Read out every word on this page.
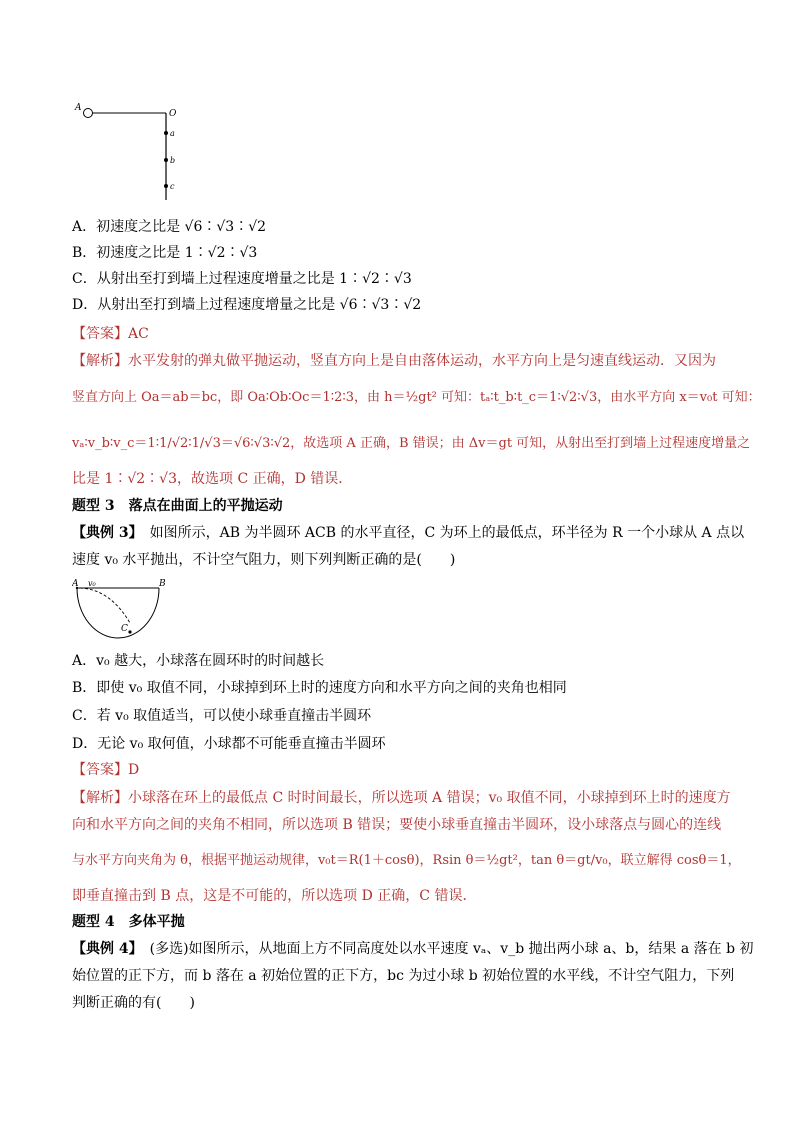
A
O
a
b
c
A．初速度之比是 √6∶√3∶√2
B．初速度之比是 1∶√2∶√3
C．从射出至打到墙上过程速度增量之比是 1∶√2∶√3
D．从射出至打到墙上过程速度增量之比是 √6∶√3∶√2
【答案】AC
【解析】水平发射的弹丸做平抛运动，竖直方向上是自由落体运动，水平方向上是匀速直线运动．又因为
竖直方向上 Oa＝ab＝bc，即 Oa∶Ob∶Oc＝1∶2∶3，由 h＝½gt² 可知：tₐ∶t_b∶t_c＝1∶√2∶√3，由水平方向 x＝v₀t 可知：
vₐ∶v_b∶v_c＝1∶1/√2∶1/√3＝√6∶√3∶√2，故选项 A 正确，B 错误；由 Δv＝gt 可知，从射出至打到墙上过程速度增量之
比是 1∶√2∶√3，故选项 C 正确，D 错误．
题型 3　落点在曲面上的平抛运动
【典例 3】　 如图所示，AB 为半圆环 ACB 的水平直径，C 为环上的最低点，环半径为 R 一个小球从 A 点以
速度 v₀ 水平抛出，不计空气阻力，则下列判断正确的是(　　)
A	B
C
v₀
A．v₀ 越大，小球落在圆环时的时间越长
B．即使 v₀ 取值不同，小球掉到环上时的速度方向和水平方向之间的夹角也相同
C．若 v₀ 取值适当，可以使小球垂直撞击半圆环
D．无论 v₀ 取何值，小球都不可能垂直撞击半圆环
【答案】D
【解析】小球落在环上的最低点 C 时时间最长，所以选项 A 错误；v₀ 取值不同，小球掉到环上时的速度方
向和水平方向之间的夹角不相同，所以选项 B 错误；要使小球垂直撞击半圆环，设小球落点与圆心的连线
与水平方向夹角为 θ，根据平抛运动规律，v₀t＝R(1＋cosθ)，Rsin θ＝½gt²，tan θ＝gt/v₀，联立解得 cosθ＝1，
即垂直撞击到 B 点，这是不可能的，所以选项 D 正确，C 错误．
题型 4　多体平抛
【典例 4】　 (多选)如图所示，从地面上方不同高度处以水平速度 vₐ、v_b 抛出两小球 a、b，结果 a 落在 b 初
始位置的正下方，而 b 落在 a 初始位置的正下方，bc 为过小球 b 初始位置的水平线，不计空气阻力，下列
判断正确的有(　　)
